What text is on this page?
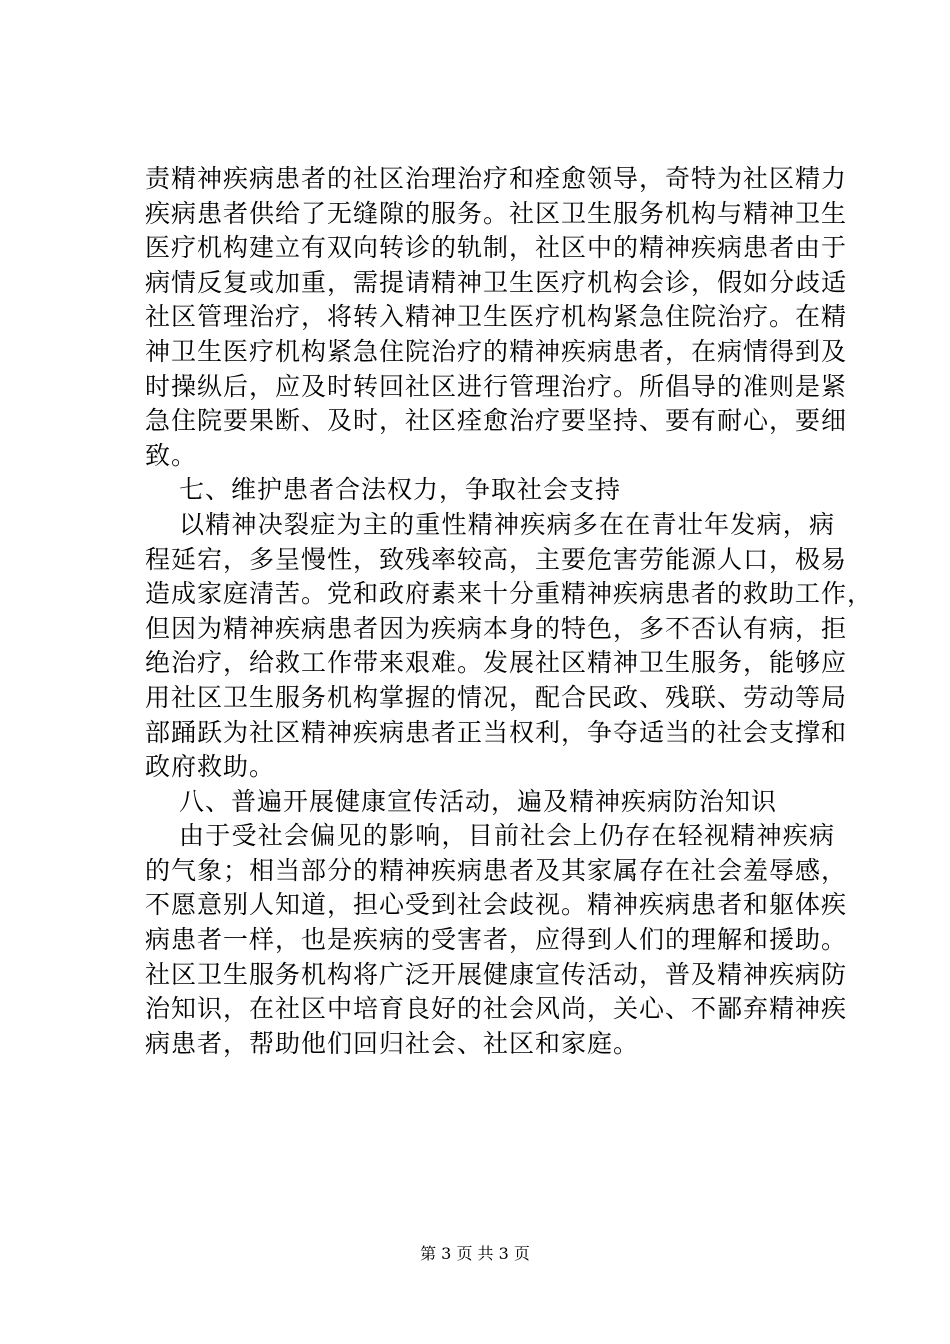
责精神疾病患者的社区治理治疗和痊愈领导，奇特为社区精力
疾病患者供给了无缝隙的服务。社区卫生服务机构与精神卫生
医疗机构建立有双向转诊的轨制，社区中的精神疾病患者由于
病情反复或加重，需提请精神卫生医疗机构会诊，假如分歧适
社区管理治疗，将转入精神卫生医疗机构紧急住院治疗。在精
神卫生医疗机构紧急住院治疗的精神疾病患者，在病情得到及
时操纵后，应及时转回社区进行管理治疗。所倡导的准则是紧
急住院要果断、及时，社区痊愈治疗要坚持、要有耐心，要细
致。
七、维护患者合法权力，争取社会支持
以精神决裂症为主的重性精神疾病多在在青壮年发病，病
程延宕，多呈慢性，致残率较高，主要危害劳能源人口，极易
造成家庭清苦。党和政府素来十分重精神疾病患者的救助工作，
但因为精神疾病患者因为疾病本身的特色，多不否认有病，拒
绝治疗，给救工作带来艰难。发展社区精神卫生服务，能够应
用社区卫生服务机构掌握的情况，配合民政、残联、劳动等局
部踊跃为社区精神疾病患者正当权利，争夺适当的社会支撑和
政府救助。
八、普遍开展健康宣传活动，遍及精神疾病防治知识
由于受社会偏见的影响，目前社会上仍存在轻视精神疾病
的气象；相当部分的精神疾病患者及其家属存在社会羞辱感，
不愿意别人知道，担心受到社会歧视。精神疾病患者和躯体疾
病患者一样，也是疾病的受害者，应得到人们的理解和援助。
社区卫生服务机构将广泛开展健康宣传活动，普及精神疾病防
治知识，在社区中培育良好的社会风尚，关心、不鄙弃精神疾
病患者，帮助他们回归社会、社区和家庭。
第 3 页 共 3 页
